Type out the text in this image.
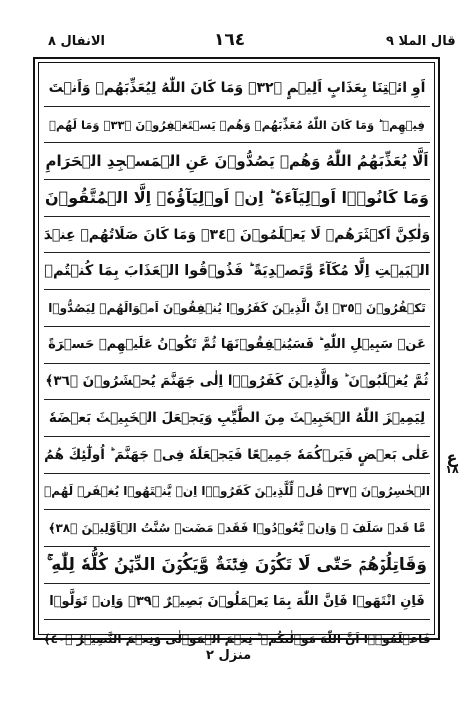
قال الملا ٩
١٦٤
الانفال ٨
اَوِ ائۡتِنَا بِعَذَابٍ اَلِيۡمٍ ﴿٣٢﴾ وَمَا كَانَ اللّٰهُ لِيُعَذِّبَهُمۡ وَاَنۡتَ
فِيۡهِمۡ ؕ وَمَا كَانَ اللّٰهُ مُعَذِّبَهُمۡ وَهُمۡ يَسۡتَغۡفِرُوۡنَ ﴿٣٣﴾ وَمَا لَهُمۡ
اَلَّا يُعَذِّبَهُمُ اللّٰهُ وَهُمۡ يَصُدُّوۡنَ عَنِ الۡمَسۡجِدِ الۡحَرَامِ
وَمَا كَانُوۡۤا اَوۡلِيَآءَهٗ ؕ اِنۡ اَوۡلِيَآؤُهٗۤ اِلَّا الۡمُتَّقُوۡنَ
وَلٰكِنَّ اَكۡثَرَهُمۡ لَا يَعۡلَمُوۡنَ ﴿٣٤﴾ وَمَا كَانَ صَلَاتُهُمۡ عِنۡدَ
الۡبَيۡتِ اِلَّا مُكَآءً وَّتَصۡدِيَةً ؕ فَذُوۡقُوا الۡعَذَابَ بِمَا كُنۡتُمۡ
تَكۡفُرُوۡنَ ﴿٣٥﴾ اِنَّ الَّذِيۡنَ كَفَرُوۡا يُنۡفِقُوۡنَ اَمۡوَالَهُمۡ لِيَصُدُّوۡا
عَنۡ سَبِيۡلِ اللّٰهِ ؕ فَسَيُنۡفِقُوۡنَهَا ثُمَّ تَكُوۡنُ عَلَيۡهِمۡ حَسۡرَةً
ثُمَّ يُغۡلَبُوۡنَ ؕ وَالَّذِيۡنَ كَفَرُوۡۤا اِلٰى جَهَنَّمَ يُحۡشَرُوۡنَ ﴿٣٦﴾
لِيَمِيۡزَ اللّٰهُ الۡخَبِيۡثَ مِنَ الطَّيِّبِ وَيَجۡعَلَ الۡخَبِيۡثَ بَعۡضَهٗ
عَلٰى بَعۡضٍ فَيَرۡكُمَهٗ جَمِيۡعًا فَيَجۡعَلَهٗ فِىۡ جَهَنَّمَ ؕ اُولٰٓئِكَ هُمُ
الۡخٰسِرُوۡنَ ﴿٣٧﴾ قُلۡ لِّلَّذِيۡنَ كَفَرُوۡۤا اِنۡ يَّنۡتَهُوۡا يُغۡفَرۡ لَهُمۡ
مَّا قَدۡ سَلَفَ ۚ وَاِنۡ يَّعُوۡدُوۡا فَقَدۡ مَضَتۡ سُنَّتُ الۡاَوَّلِيۡنَ ﴿٣٨﴾
وَقَاتِلُوۡهُمۡ حَتّٰى لَا تَكُوۡنَ فِتۡنَةٌ وَّيَكُوۡنَ الدِّيۡنُ كُلُّهٗ لِلّٰهِ ۚ
فَاِنِ انْتَهَوۡا فَاِنَّ اللّٰهَ بِمَا يَعۡمَلُوۡنَ بَصِيۡرٌ ﴿٣٩﴾ وَاِنۡ تَوَلَّوۡا
فَاعۡلَمُوۡۤا اَنَّ اللّٰهَ مَوۡلٰٮكُمۡ ؕ نِعۡمَ الۡمَوۡلٰى وَنِعۡمَ النَّصِيۡرُ ﴿٤٠﴾
ع
١٨
منزل ٢
